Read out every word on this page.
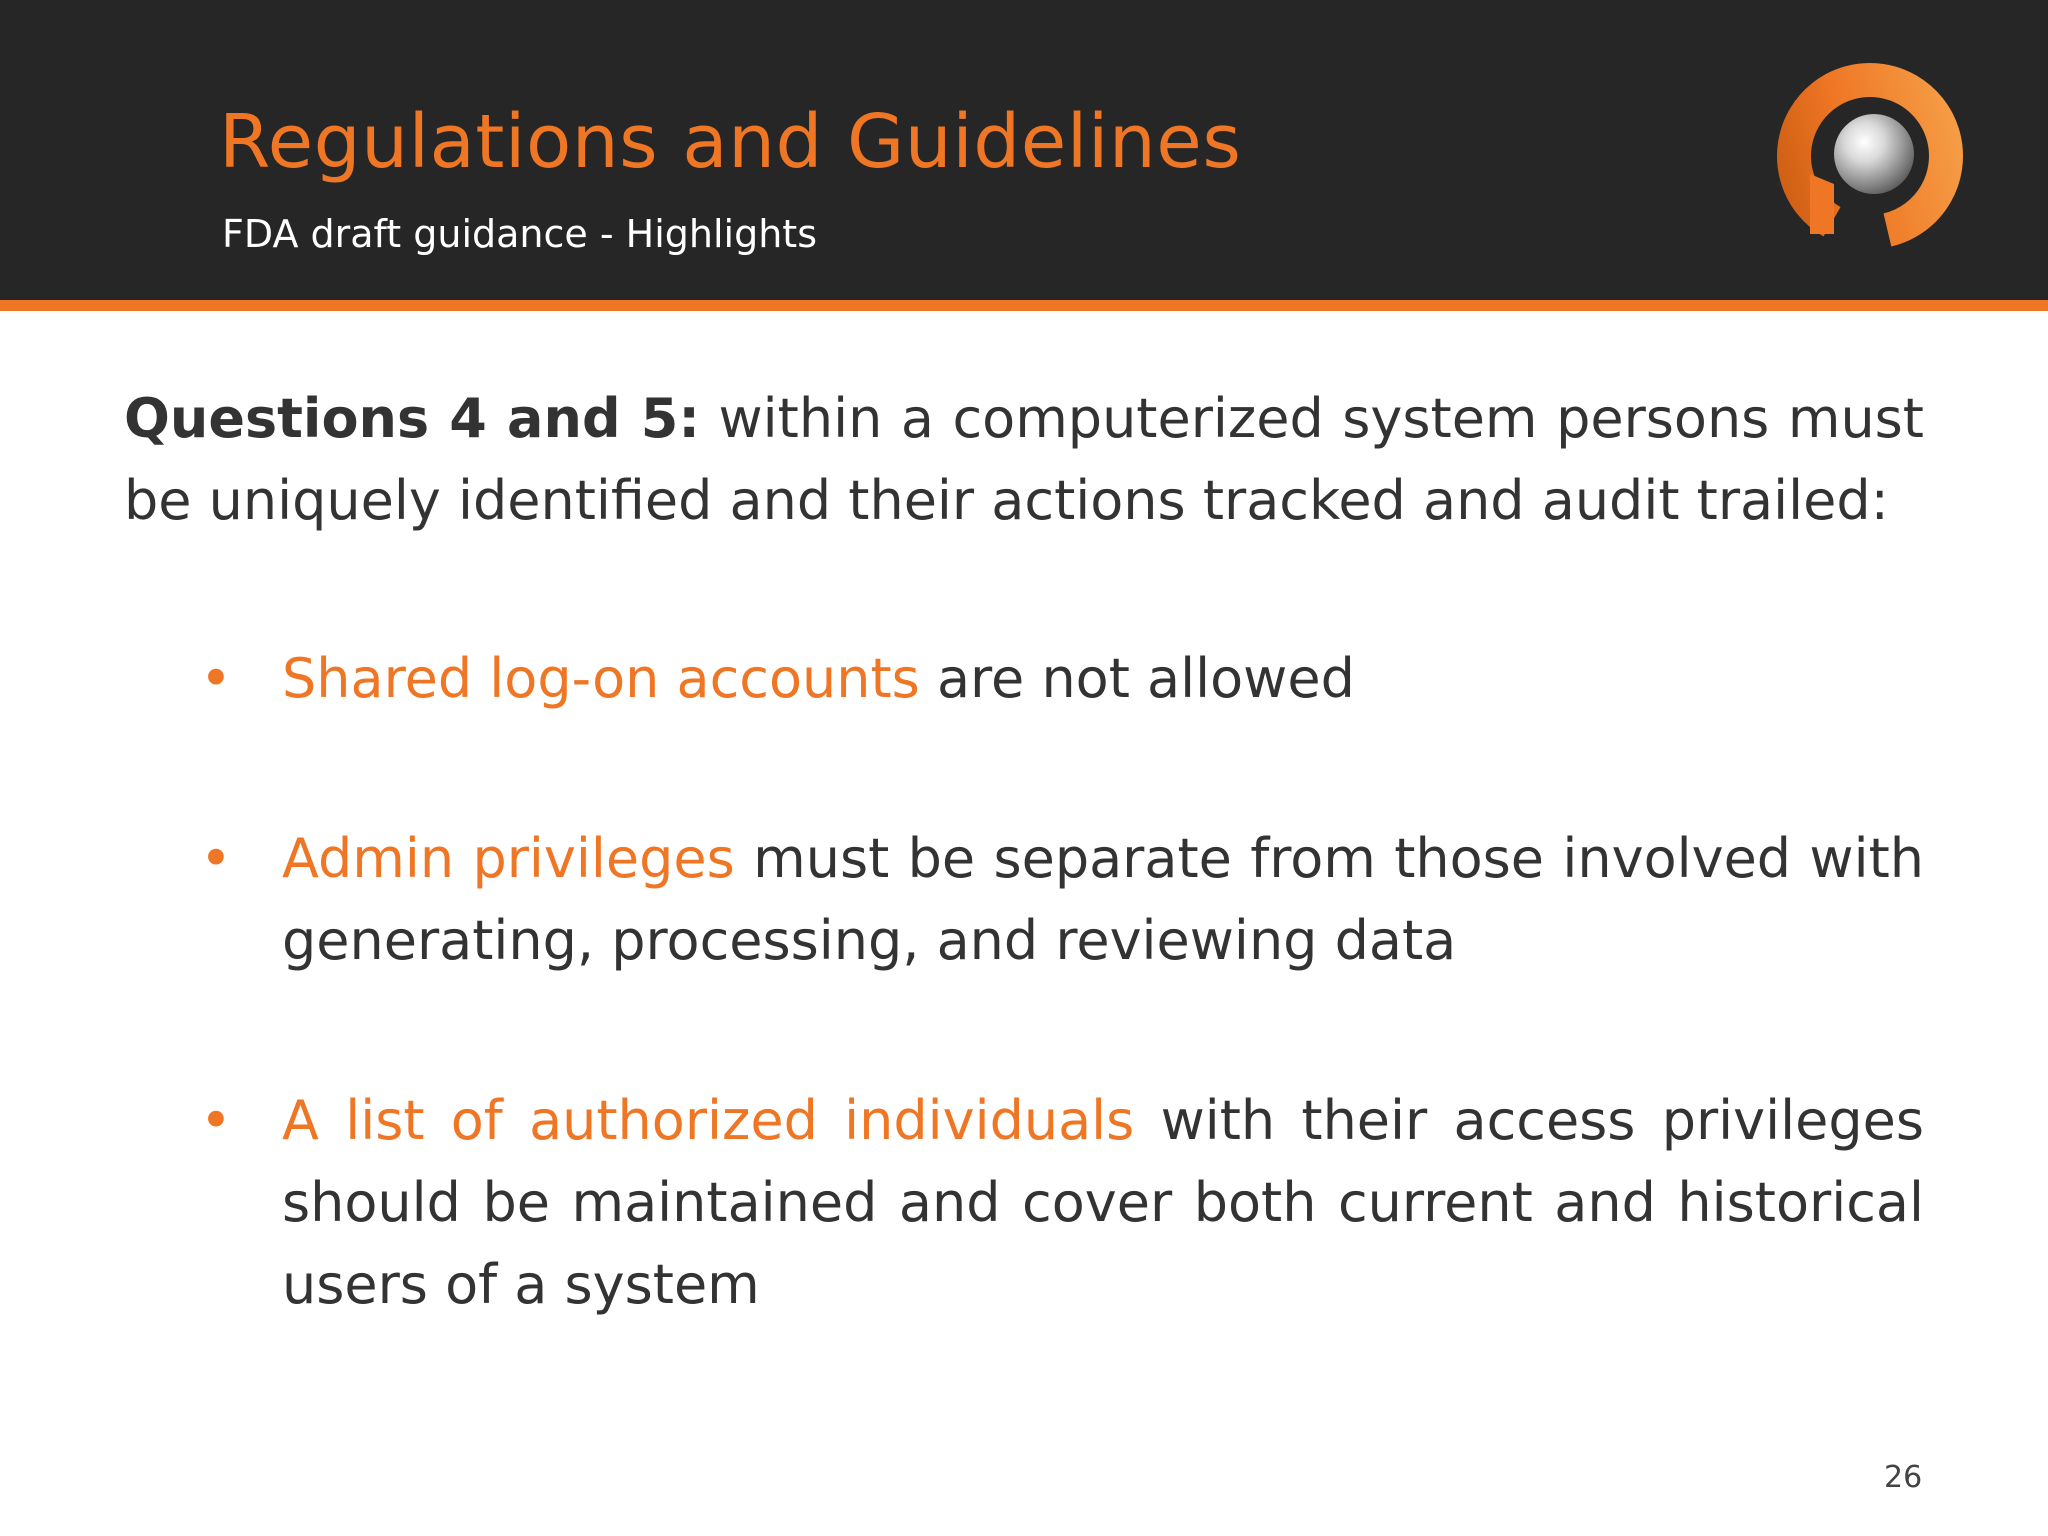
Regulations and Guidelines
FDA draft guidance - Highlights

Questions 4 and 5: within a computerized system persons must be uniquely identified and their actions tracked and audit trailed:

• Shared log-on accounts are not allowed
• Admin privileges must be separate from those involved with generating, processing, and reviewing data
• A list of authorized individuals with their access privileges should be maintained and cover both current and historical users of a system
26
